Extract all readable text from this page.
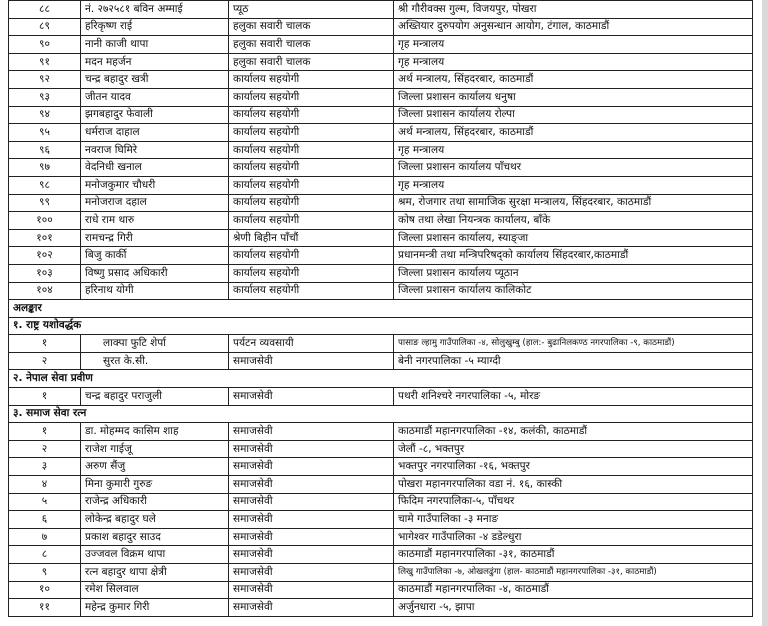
८८	नं. २७२५८१ बविन अम्माई	प्यूठ	श्री गौरीवक्स गुल्म, विजयपुर, पोखरा
८९	हरिकृष्ण राई	हलुका सवारी चालक	अख्तियार दुरुपयोग अनुसन्धान आयोग, टंगाल, काठमाडौं
९०	नानी काजी थापा	हलुका सवारी चालक	गृह मन्त्रालय
९१	मदन महर्जन	हलुका सवारी चालक	गृह मन्त्रालय
९२	चन्द्र बहादुर खत्री	कार्यालय सहयोगी	अर्थ मन्त्रालय, सिंहदरबार, काठमाडौं
९३	जीतन यादव	कार्यालय सहयोगी	जिल्ला प्रशासन कार्यालय धनुषा
९४	झगबहादुर फेवाली	कार्यालय सहयोगी	जिल्ला प्रशासन कार्यालय रोल्पा
९५	धर्मराज दाहाल	कार्यालय सहयोगी	अर्थ मन्त्रालय, सिंहदरबार, काठमाडौं
९६	नवराज घिमिरे	कार्यालय सहयोगी	गृह मन्त्रालय
९७	वेदनिधी खनाल	कार्यालय सहयोगी	जिल्ला प्रशासन कार्यालय पाँचथर
९८	मनोजकुमार चौधरी	कार्यालय सहयोगी	गृह मन्त्रालय
९९	मनोजराज दहाल	कार्यालय सहयोगी	श्रम, रोजगार तथा सामाजिक सुरक्षा मन्त्रालय, सिंहदरबार, काठमाडौं
१००	राधे राम थारु	कार्यालय सहयोगी	कोष तथा लेखा नियन्त्रक कार्यालय, बाँके
१०१	रामचन्द्र गिरी	श्रेणी बिहीन पाँचौं	जिल्ला प्रशासन कार्यालय, स्याङ्जा
१०२	बिजु कार्की	कार्यालय सहयोगी	प्रधानमन्त्री तथा मन्त्रिपरिषद्को कार्यालय सिंहदरबार,काठमाडौं
१०३	विष्णु प्रसाद अधिकारी	कार्यालय सहयोगी	जिल्ला प्रशासन कार्यालय प्यूठान
१०४	हरिनाथ योगी	कार्यालय सहयोगी	जिल्ला प्रशासन कार्यालय कालिकोट
अलङ्कार			
१. राष्ट्र यशोवर्द्धक			
१	लाक्पा फुटि शेर्पा	पर्यटन व्यवसायी	पासाङ ल्हामु गाउँपालिका -४, सोलुखुम्बु (हाल:- बुढानिलकण्ठ नगरपालिका -९, काठमाडौं)
२	सुरत के.सी.	समाजसेवी	बेनी नगरपालिका -५ म्याग्दी
२. नेपाल सेवा प्रवीण			
१	चन्द्र बहादुर पराजुली	समाजसेवी	पथरी शनिश्चरे नगरपालिका -५, मोरङ
३. समाज सेवा रत्न			
१	डा. मोहम्मद कासिम शाह	समाजसेवी	काठमाडौं महानगरपालिका -१४, कलंकी, काठमाडौं
२	राजेश गाईजू	समाजसेवी	जेलौं -८, भक्तपुर
३	अरुण सैंजु	समाजसेवी	भक्तपुर नगरपालिका -१६, भक्तपुर
४	मिना कुमारी गुरुङ	समाजसेवी	पोखरा महानगरपालिका वडा नं. १६, कास्की
५	राजेन्द्र अधिकारी	समाजसेवी	फिदिम नगरपालिका-५, पाँचथर
६	लोकेन्द्र बहादुर घले	समाजसेवी	चामे गाउँपालिका -३ मनाङ
७	प्रकाश बहादुर साउद	समाजसेवी	भागेश्वर गाउँपालिका -४ डडेल्धुरा
८	उज्जवल विक्रम थापा	समाजसेवी	काठमाडौं महानगरपालिका -३१, काठमाडौं
९	रत्न बहादुर थापा क्षेत्री	समाजसेवी	लिखु गाउँपालिका -७, ओखलढुंगा (हाल- काठमाडौं महानगरपालिका -३१, काठमाडौं)
१०	रमेश सिलवाल	समाजसेवी	काठमाडौं महानगरपालिका -४, काठमाडौं
११	महेन्द्र कुमार गिरी	समाजसेवी	अर्जुनधारा -५, झापा
